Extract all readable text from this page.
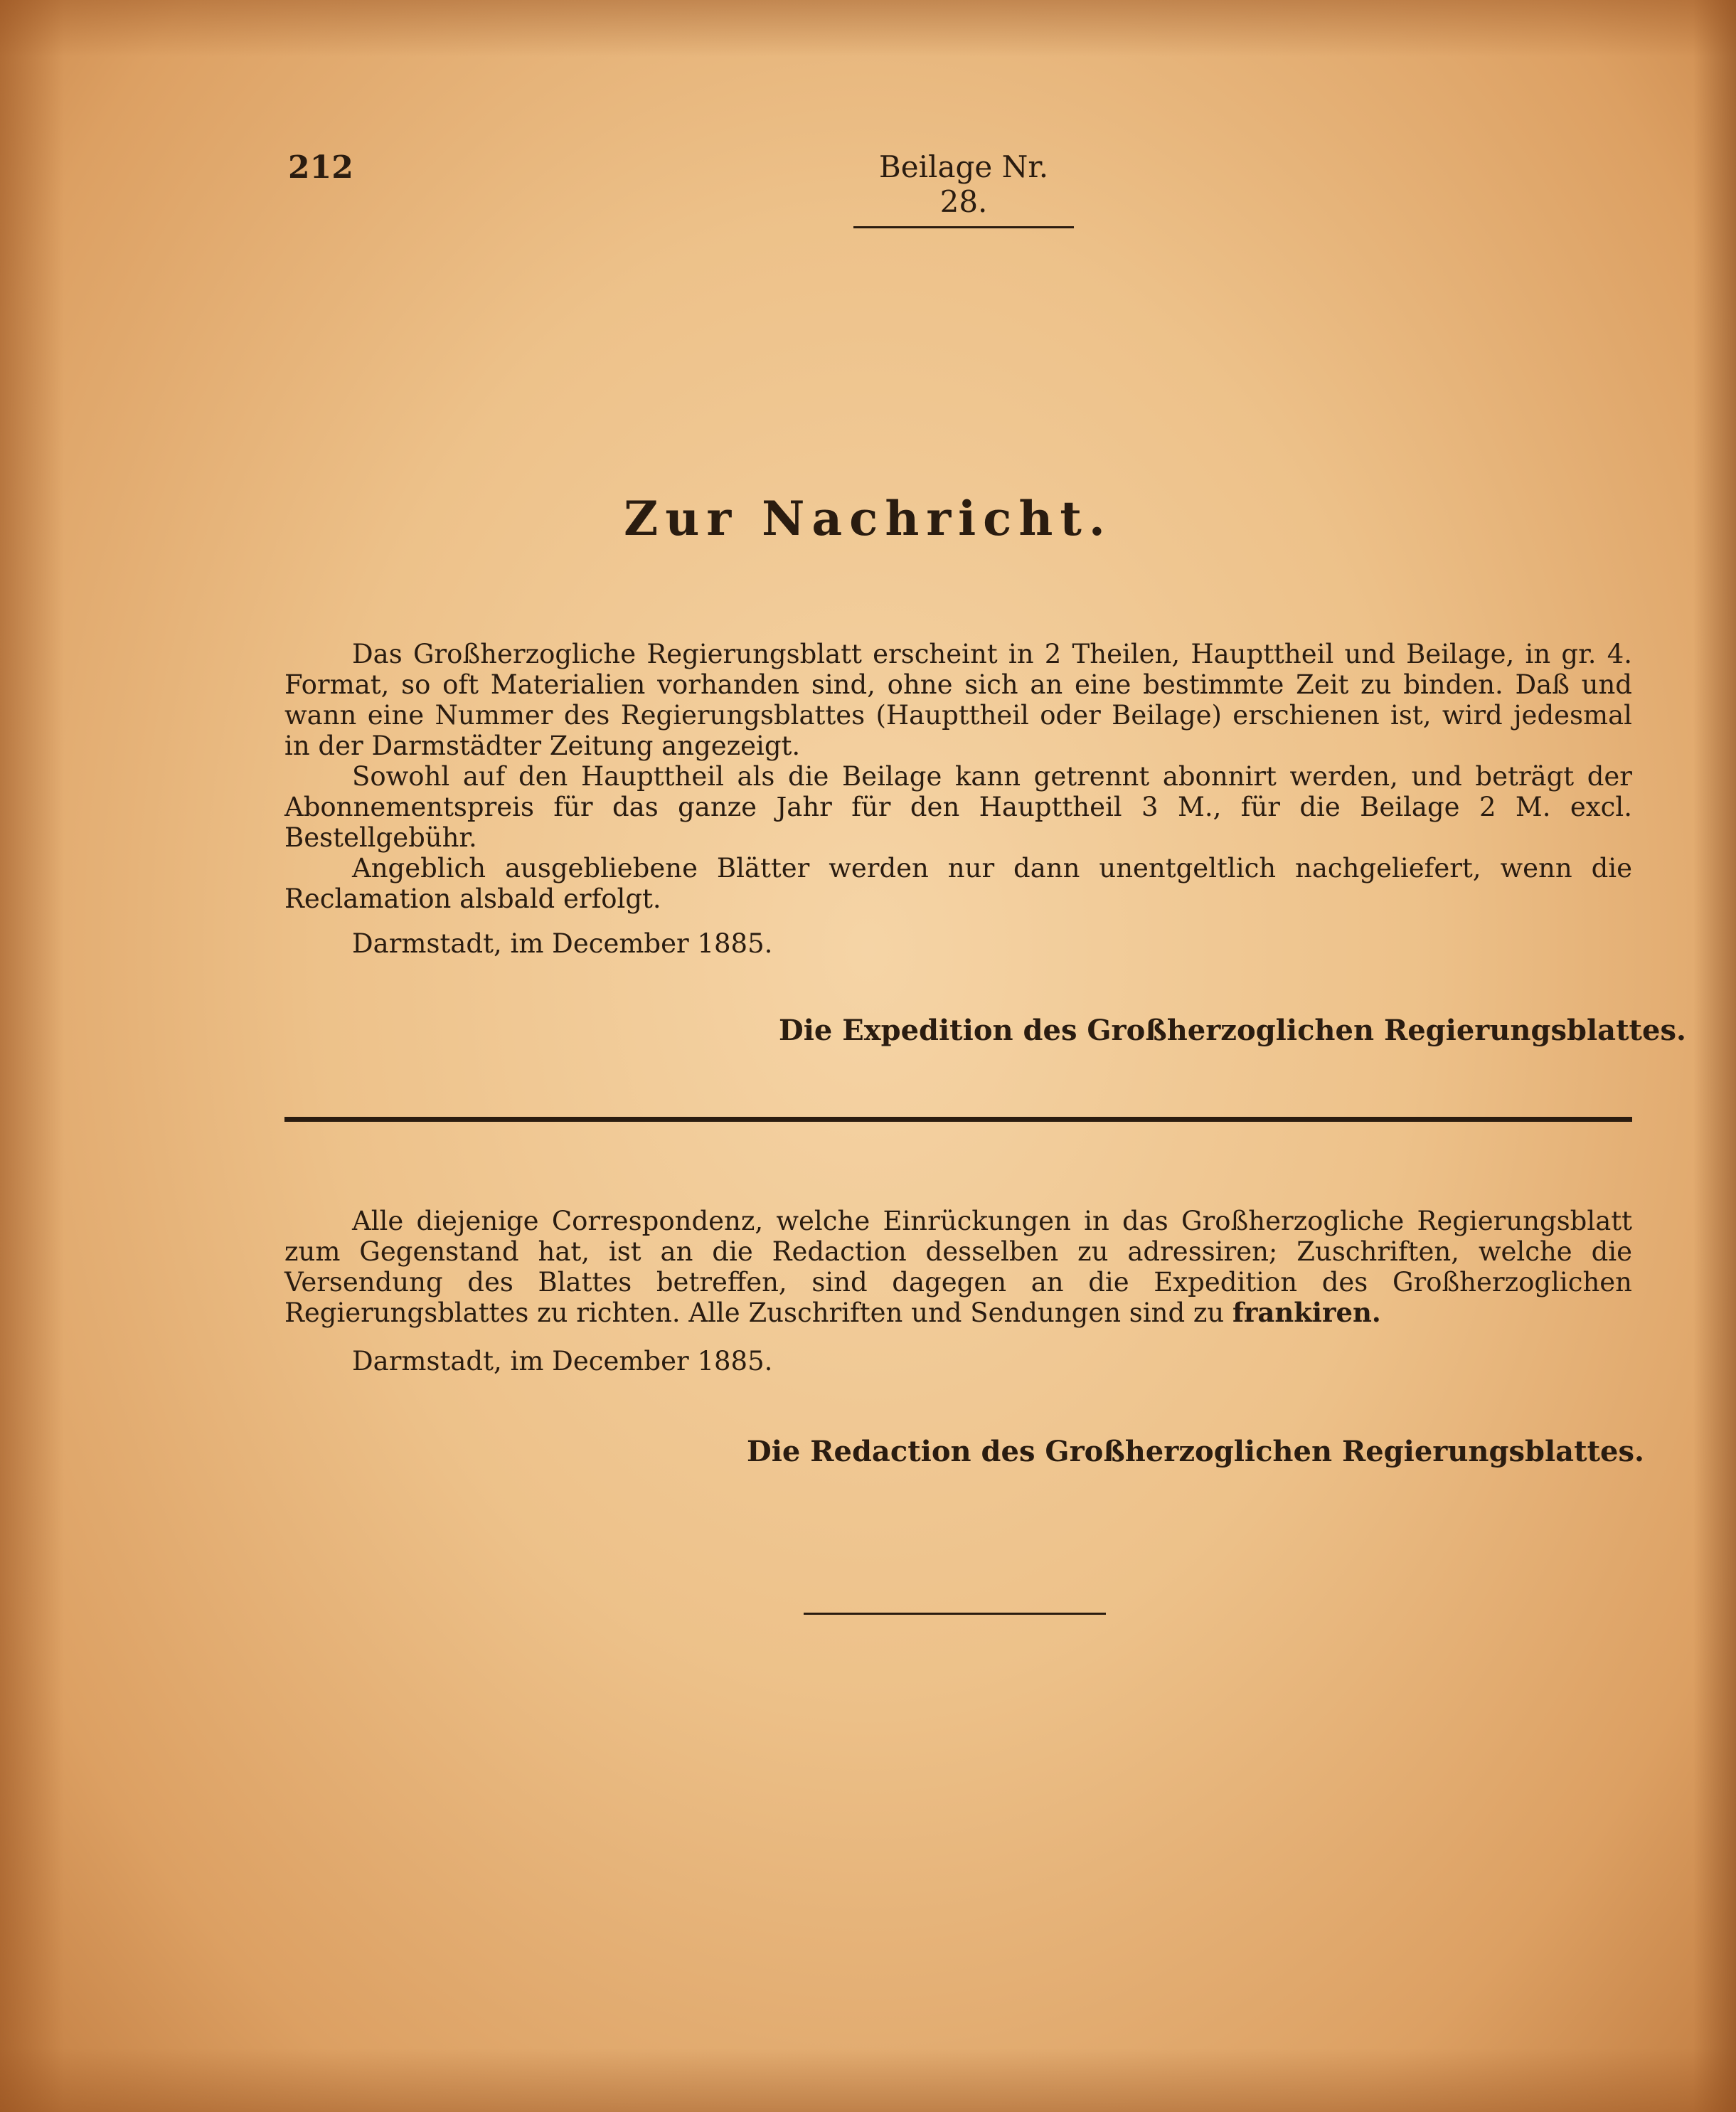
212	Beilage Nr. 28.
Zur Nachricht.

Das Großherzogliche Regierungsblatt erscheint in 2 Theilen, Haupttheil und Beilage, in gr. 4. Format, so oft Materialien vorhanden sind, ohne sich an eine bestimmte Zeit zu binden. Daß und wann eine Nummer des Regierungsblattes (Haupttheil oder Beilage) erschienen ist, wird jedesmal in der Darmstädter Zeitung angezeigt.

Sowohl auf den Haupttheil als die Beilage kann getrennt abonnirt werden, und beträgt der Abonnementspreis für das ganze Jahr für den Haupttheil 3 M., für die Beilage 2 M. excl. Bestellgebühr.

Angeblich ausgebliebene Blätter werden nur dann unentgeltlich nachgeliefert, wenn die Reclamation alsbald erfolgt.

Darmstadt, im December 1885.
Die Expedition des Großherzoglichen Regierungsblattes.

Alle diejenige Correspondenz, welche Einrückungen in das Großherzogliche Regierungsblatt zum Gegenstand hat, ist an die Redaction desselben zu adressiren; Zuschriften, welche die Versendung des Blattes betreffen, sind dagegen an die Expedition des Großherzoglichen Regierungsblattes zu richten. Alle Zuschriften und Sendungen sind zu frankiren.

Darmstadt, im December 1885.
Die Redaction des Großherzoglichen Regierungsblattes.
